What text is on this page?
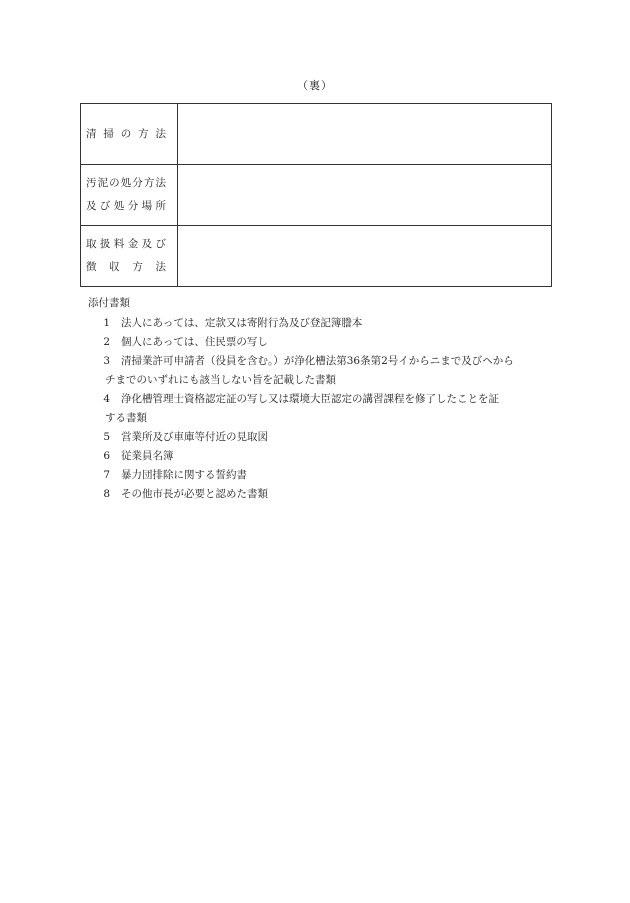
（裏）
清 掃 の 方 法	

汚泥の処分方法
及び処分場所	

取扱料金及び
徴 収 方 法	

添付書類
1	法人にあっては、定款又は寄附行為及び登記簿謄本
2	個人にあっては、住民票の写し
3	清掃業許可申請者（役員を含む。）が浄化槽法第36条第2号イからニまで及びヘから
チまでのいずれにも該当しない旨を記載した書類
4	浄化槽管理士資格認定証の写し又は環境大臣認定の講習課程を修了したことを証
する書類
5	営業所及び車庫等付近の見取図
6	従業員名簿
7	暴力団排除に関する誓約書
8	その他市長が必要と認めた書類
